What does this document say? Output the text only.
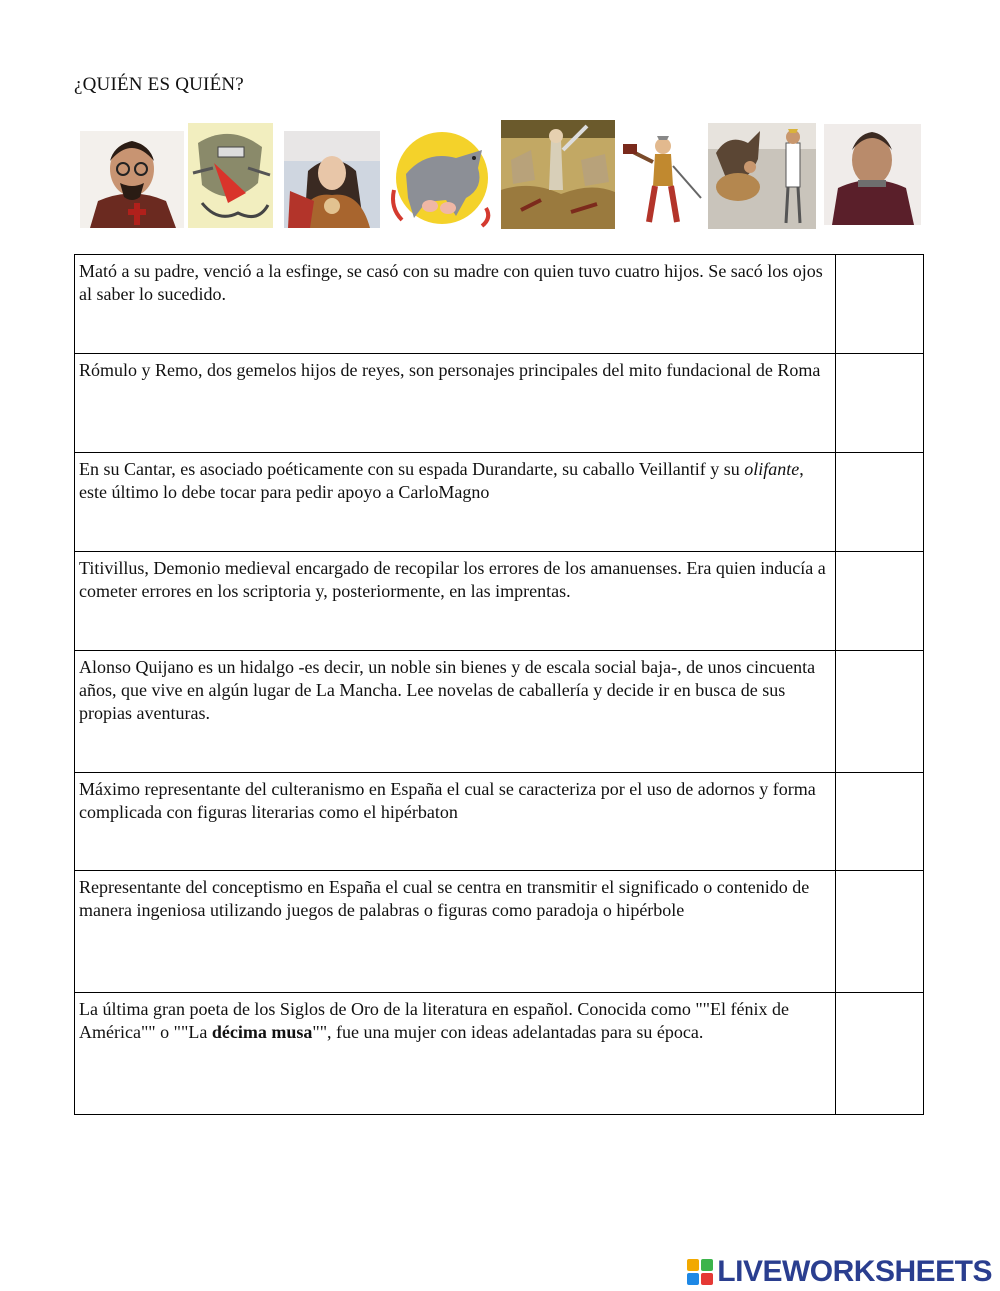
¿QUIÉN ES QUIÉN?
Mató a su padre, venció a la esfinge, se casó con su madre con quien tuvo cuatro hijos. Se sacó los ojos al saber lo sucedido.	

Rómulo y Remo, dos gemelos hijos de reyes, son personajes principales del mito fundacional de Roma	

En su Cantar, es asociado poéticamente con su espada Durandarte, su caballo Veillantif y su olifante, este último lo debe tocar para pedir apoyo a CarloMagno	

Titivillus, Demonio medieval encargado de recopilar los errores de los amanuenses. Era quien inducía a cometer errores en los scriptoria y, posteriormente, en las imprentas.	

Alonso Quijano es un hidalgo -es decir, un noble sin bienes y de escala social baja-, de unos cincuenta años, que vive en algún lugar de La Mancha. Lee novelas de caballería y decide ir en busca de sus propias aventuras.	

Máximo representante del culteranismo en España el cual se caracteriza por el uso de adornos y forma complicada con figuras literarias como el hipérbaton	

Representante del conceptismo en España el cual se centra en transmitir el significado o contenido de manera ingeniosa utilizando juegos de palabras o figuras como paradoja o hipérbole	

La última gran poeta de los Siglos de Oro de la literatura en español. Conocida como ""El fénix de América"" o ""La décima musa"", fue una mujer con ideas adelantadas para su época.	
LIVEWORKSHEETS
